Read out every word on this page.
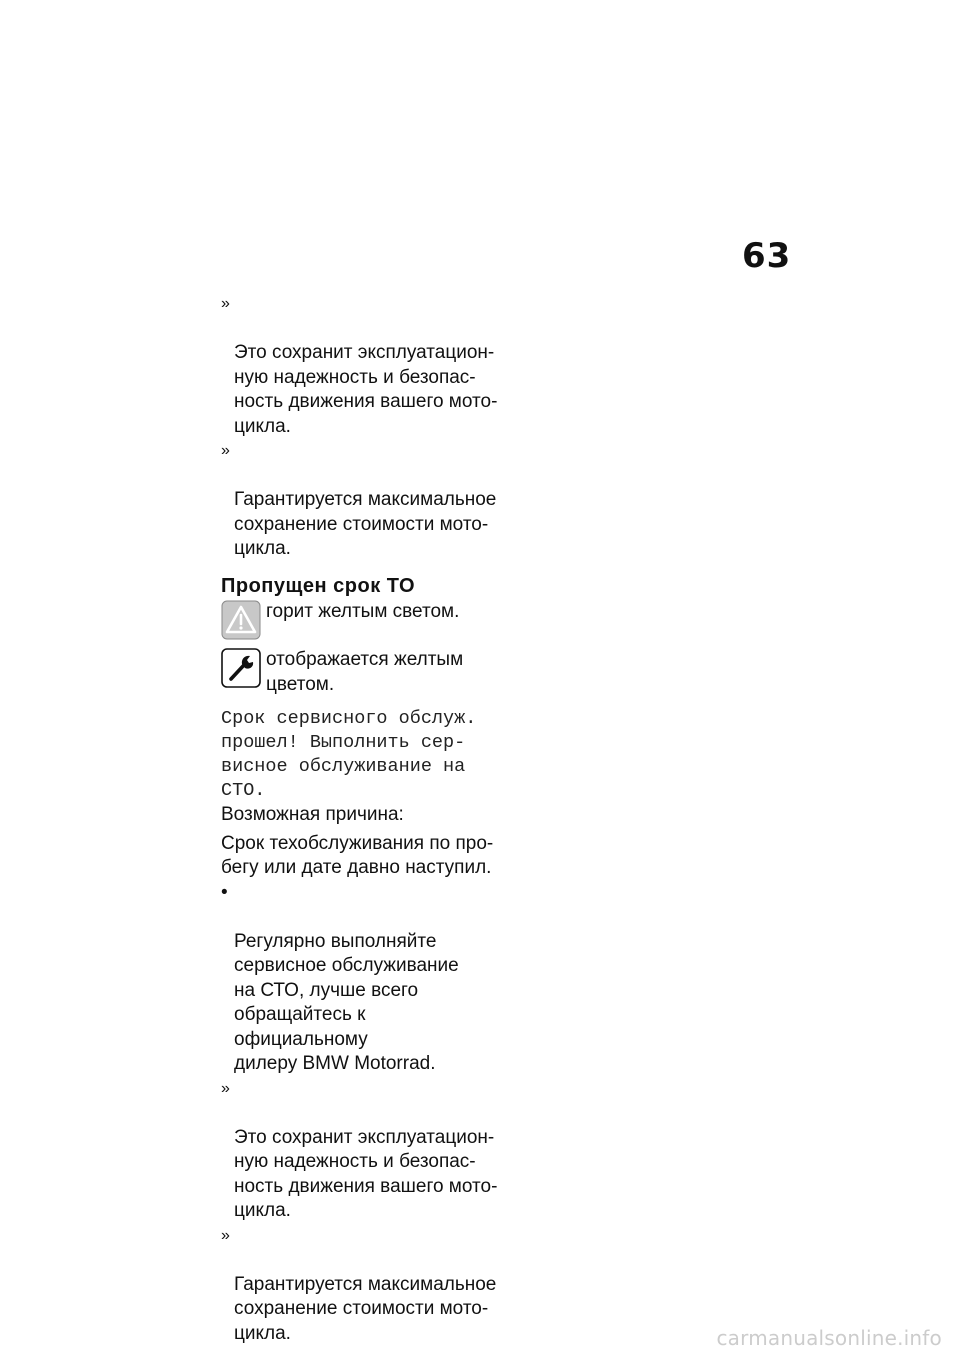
63

»

Это сохранит эксплуатацион-
ную надежность и безопас-
ность движения вашего мото-
цикла.

»

Гарантируется максимальное
сохранение стоимости мото-
цикла.

Пропущен срок ТО
горит желтым светом.
отображается желтым
цветом.
Срок сервисного обслуж.
прошел! Выполнить сер-
висное обслуживание на
СТО.
Возможная причина:
Срок техобслуживания по про-
бегу или дате давно наступил.

•

Регулярно выполняйте
сервисное обслуживание
на СТО, лучше всего
обращайтесь к официальному
дилеру BMW Motorrad.

»

Это сохранит эксплуатацион-
ную надежность и безопас-
ность движения вашего мото-
цикла.

»

Гарантируется максимальное
сохранение стоимости мото-
цикла.	carmanualsonline.info
